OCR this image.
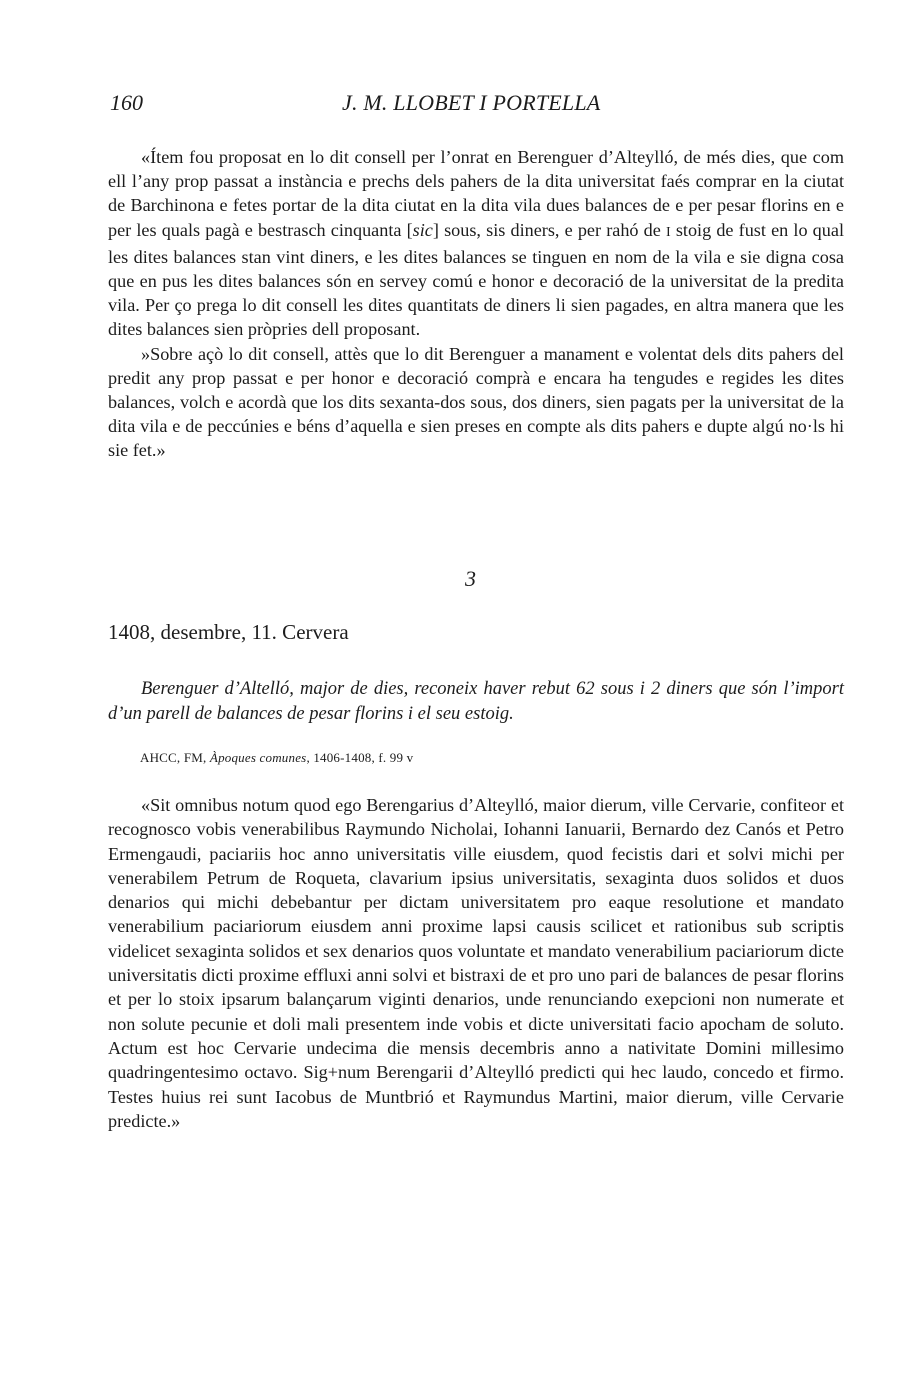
160	J. M. LLOBET I PORTELLA

«Ítem fou proposat en lo dit consell per l’onrat en Berenguer d’Alteylló, de més dies, que com ell l’any prop passat a instància e prechs dels pahers de la dita universitat faés comprar en la ciutat de Barchinona e fetes portar de la dita ciutat en la dita vila dues balances de e per pesar florins en e per les quals pagà e bestrasch cinquanta [sic] sous, sis diners, e per rahó de I stoig de fust en lo qual les dites balances stan vint diners, e les dites balances se tinguen en nom de la vila e sie digna cosa que en pus les dites balances són en servey comú e honor e decoració de la universitat de la predita vila. Per ço prega lo dit consell les dites quantitats de diners li sien pagades, en altra manera que les dites balances sien pròpries dell proposant.

»Sobre açò lo dit consell, attès que lo dit Berenguer a manament e volentat dels dits pahers del predit any prop passat e per honor e decoració comprà e encara ha tengudes e regides les dites balances, volch e acordà que los dits sexanta-dos sous, dos diners, sien pagats per la universitat de la dita vila e de peccúnies e béns d’aquella e sien preses en compte als dits pahers e dupte algú no·ls hi sie fet.»

3
1408, desembre, 11. Cervera
Berenguer d’Altelló, major de dies, reconeix haver rebut 62 sous i 2 diners que són l’import d’un parell de balances de pesar florins i el seu estoig.
AHCC, FM, Àpoques comunes, 1406-1408, f. 99 v

«Sit omnibus notum quod ego Berengarius d’Alteylló, maior dierum, ville Cervarie, confiteor et recognosco vobis venerabilibus Raymundo Nicholai, Iohanni Ianuarii, Bernardo dez Canós et Petro Ermengaudi, paciariis hoc anno universitatis ville eiusdem, quod fecistis dari et solvi michi per venerabilem Petrum de Roqueta, clavarium ipsius universitatis, sexaginta duos solidos et duos denarios qui michi debebantur per dictam universitatem pro eaque resolutione et mandato venerabilium paciariorum eiusdem anni proxime lapsi causis scilicet et rationibus sub scriptis videlicet sexaginta solidos et sex denarios quos voluntate et mandato venerabilium paciariorum dicte universitatis dicti proxime effluxi anni solvi et bistraxi de et pro uno pari de balances de pesar florins et per lo stoix ipsarum balançarum viginti denarios, unde renunciando exepcioni non numerate et non solute pecunie et doli mali presentem inde vobis et dicte universitati facio apocham de soluto. Actum est hoc Cervarie undecima die mensis decembris anno a nativitate Domini millesimo quadringentesimo octavo. Sig+num Berengarii d’Alteylló predicti qui hec laudo, concedo et firmo. Testes huius rei sunt Iacobus de Muntbrió et Raymundus Martini, maior dierum, ville Cervarie predicte.»
